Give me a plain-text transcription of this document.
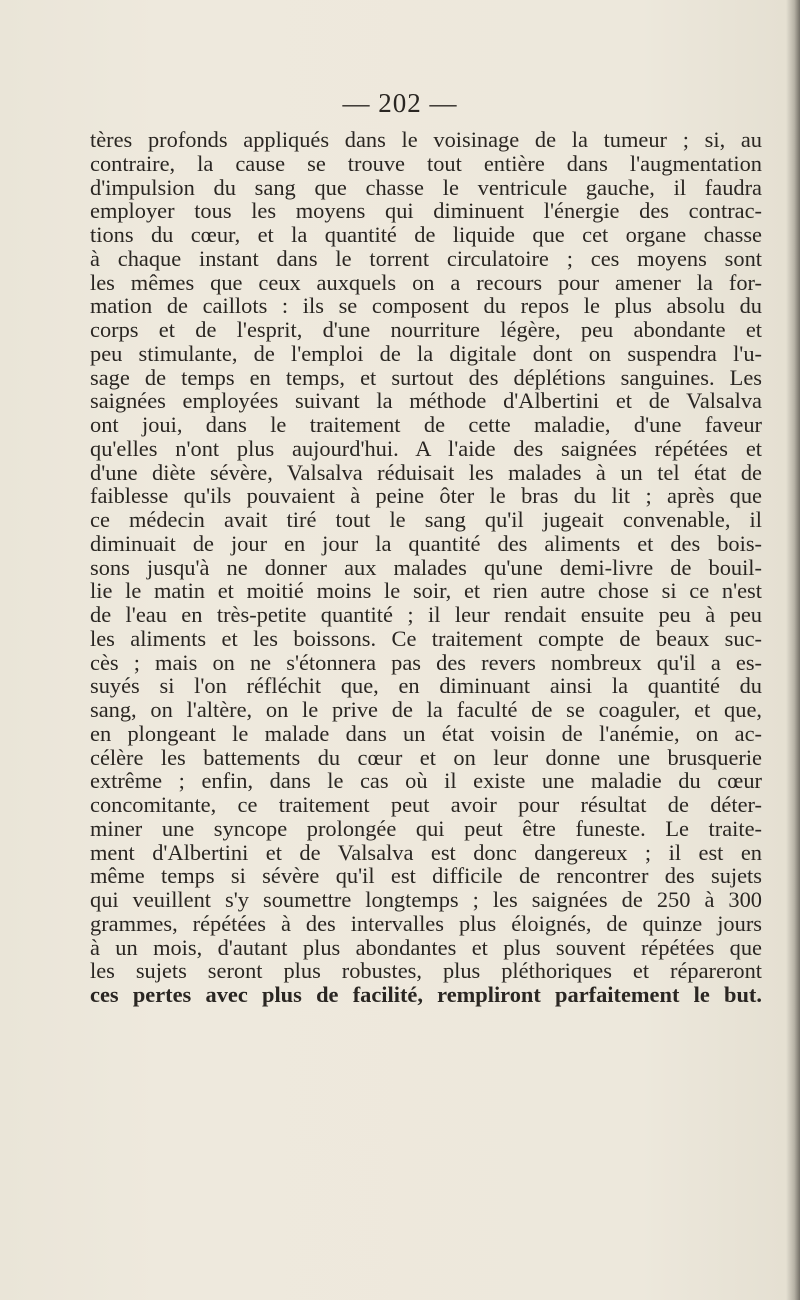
— 202 —
tères profonds appliqués dans le voisinage de la tumeur ; si, au
contraire, la cause se trouve tout entière dans l'augmentation
d'impulsion du sang que chasse le ventricule gauche, il faudra
employer tous les moyens qui diminuent l'énergie des contrac-
tions du cœur, et la quantité de liquide que cet organe chasse
à chaque instant dans le torrent circulatoire ; ces moyens sont
les mêmes que ceux auxquels on a recours pour amener la for-
mation de caillots : ils se composent du repos le plus absolu du
corps et de l'esprit, d'une nourriture légère, peu abondante et
peu stimulante, de l'emploi de la digitale dont on suspendra l'u-
sage de temps en temps, et surtout des déplétions sanguines. Les
saignées employées suivant la méthode d'Albertini et de Valsalva
ont joui, dans le traitement de cette maladie, d'une faveur
qu'elles n'ont plus aujourd'hui. A l'aide des saignées répétées et
d'une diète sévère, Valsalva réduisait les malades à un tel état de
faiblesse qu'ils pouvaient à peine ôter le bras du lit ; après que
ce médecin avait tiré tout le sang qu'il jugeait convenable, il
diminuait de jour en jour la quantité des aliments et des bois-
sons jusqu'à ne donner aux malades qu'une demi-livre de bouil-
lie le matin et moitié moins le soir, et rien autre chose si ce n'est
de l'eau en très-petite quantité ; il leur rendait ensuite peu à peu
les aliments et les boissons. Ce traitement compte de beaux suc-
cès ; mais on ne s'étonnera pas des revers nombreux qu'il a es-
suyés si l'on réfléchit que, en diminuant ainsi la quantité du
sang, on l'altère, on le prive de la faculté de se coaguler, et que,
en plongeant le malade dans un état voisin de l'anémie, on ac-
célère les battements du cœur et on leur donne une brusquerie
extrême ; enfin, dans le cas où il existe une maladie du cœur
concomitante, ce traitement peut avoir pour résultat de déter-
miner une syncope prolongée qui peut être funeste. Le traite-
ment d'Albertini et de Valsalva est donc dangereux ; il est en
même temps si sévère qu'il est difficile de rencontrer des sujets
qui veuillent s'y soumettre longtemps ; les saignées de 250 à 300
grammes, répétées à des intervalles plus éloignés, de quinze jours
à un mois, d'autant plus abondantes et plus souvent répétées que
les sujets seront plus robustes, plus pléthoriques et répareront
ces pertes avec plus de facilité, rempliront parfaitement le but.
